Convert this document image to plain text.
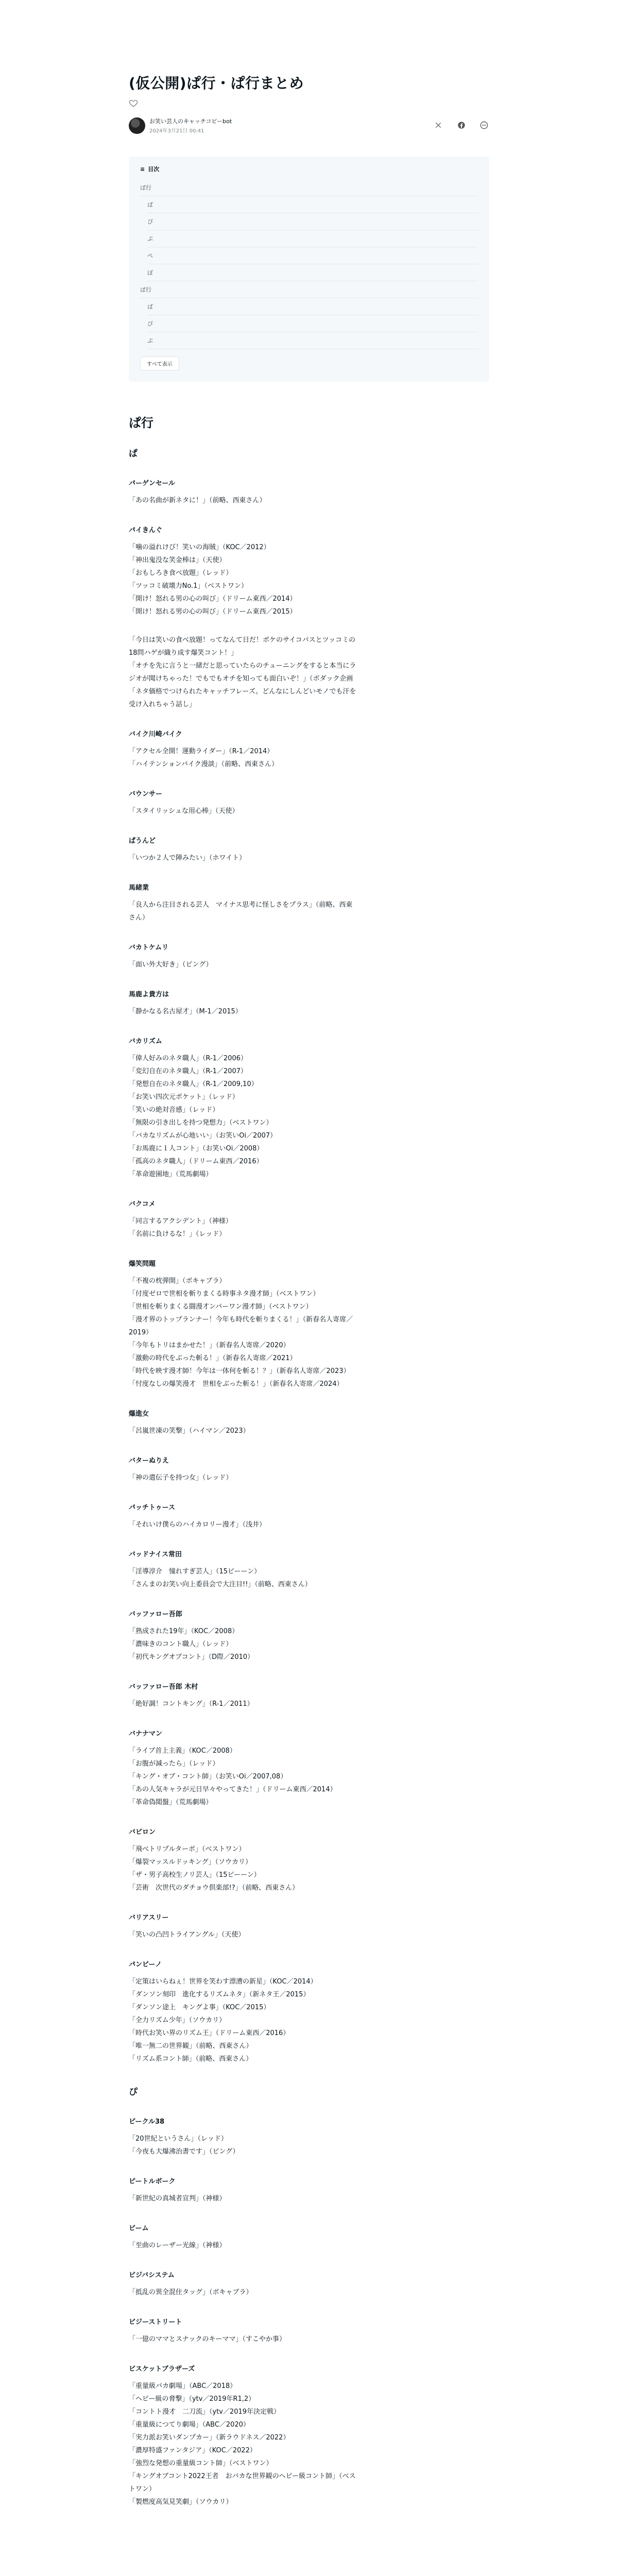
(仮公開)ぱ行・ぱ行まとめ
お笑い芸人のキャッチコピーbot
2024年3月21日 00:41
≡ 目次
ぱ行
ぱ
ぴ
ぷ
ぺ
ぽ
ぱ行
ぱ
ぴ
ぷ
すべて表示
ぱ行
ぱ
パーゲンセール

「あの名曲が新ネタに！」（前略、西東さん）

パイきんぐ

「噛の溢れけび！笑いの海賊」（KOC／2012）

「神出鬼没な笑金棒は」（天使）

「おもしろき食べ放題」（レッド）

「ツッコミ破壊力No.1」（ベストワン）

「開け！怒れる男の心の叫び」（ドリーム東西／2014）

「開け！怒れる男の心の叫び」（ドリーム東西／2015）

「今日は笑いの食べ放題！ってなんて日だ！ボケのサイコパスとツッコミの

18問ハゲが織り成す爆笑コント！」

「オチを先に言うと一緒だと思っていたらのチューニングをすると本当にラ

ジオが聞けちゃった！でもでもオチを知っても面白いぞ！」（ボダック企画

「ネタ価格でつけられたキャッチフレーズ。どんなにしんどいモノでも汗を

受け入れちゃう話し」

バイク川崎バイク

「アクセル全開！運動ライダー」（R-1／2014）

「ハイテンションバイク漫談」（前略、西東さん）

バウンサー

「スタイリッシュな用心棒」（天使）

ぱうんど

「いつか２人で陣みたい」（ホワイト）

馬緒業

「良人から注目される芸人　マイナス思考に怪しさをプラス」（前略、西東

さん）

バカトケムリ

「面い外大好き」（ピング）

馬鹿よ貴方は

「静かなる名古屋才」（M-1／2015）

バカリズム

「偉人好みのネタ職人」（R-1／2006）

「変幻自在のネタ職人」（R-1／2007）

「発想自在のネタ職人」（R-1／2009,10）

「お笑い四次元ポケット」（レッド）

「笑いの絶対音感」（レッド）

「無限の引き出しを持つ発想力」（ベストワン）

「バカなリズムが心地いい」（お笑いOi／2007）

「お馬鹿に１人コント」（お笑いOi／2008）

「孤高のネタ職人」（ドリーム東西／2016）

「革命遊園地」（荒馬劇場）

バクコメ

「同言するアクシデント」（神様）

「名前に負けるな！」（レッド）

爆笑問題

「不複の枕弾開」（ボキャブラ）

「付度ゼロで世相を斬りまくる時事ネタ漫才師」（ベストワン）

「世相を斬りまくる闘漫才ンバーワン漫才師」（ベストワン）

「漫才界のトップランナー！今年も時代を斬りまくる！」（新春名人寄席／

2019）

「今年もトリはまかせた！」（新春名人寄席／2020）

「激動の時代をぶった斬る！」（新春名人寄席／2021）

「時代を映す漫才師！今年は一体何を斬る！？」（新春名人寄席／2023）

「忖度なしの爆笑漫才　世相をぶった斬る！」（新春名人寄席／2024）

爆進女

「呂嵐世凍の笑撃」（ハイマン／2023）

バターぬりえ

「神の遣伝子を持つ女」（レッド）

パッチトゥース

「それいけ僕らのハイカロリー漫才」（浅井）

バッドナイス常田

「淫導淳介　憧れすぎ芸人」（15ビーーン）

「さんまのお笑い向上委員会で大注目!!」（前略、西東さん）

バッファロー吾郎

「熟成された19年」（KOC／2008）

「濃味きのコント職人」（レッド）

「初代キングオブコント」（D際／2010）

バッファロー吾郎 木村

「絶好調！コントキング」（R-1／2011）

バナナマン

「ライブ首上主義」（KOC／2008）

「お腹が減ったら」（レッド）

「キング・オブ・コント師」（お笑いOi／2007,08）

「あの人気キャラが元日早々やってきた！」（ドリーム東西／2014）

「革命偽閲盤」（荒馬劇場）

バビロン

「飛べトリプルターボ」（ベストワン）

「爆裂マッスルドッキング」（ソウカリ）

「ザ・男子高校生ノリ芸人」（15ビーーン）

「芸術　次世代のダチョウ倶楽部!?」（前略、西東さん）

バリアスリー

「笑いの凸凹トライアングル」（天使）

パンビーノ

「定策はいらねぇ！世界を笑わす漂漕の新星」（KOC／2014）

「ダンソン刻印　進化するリズムネタ」（新ネタ王／2015）

「ダンソン途上　キングよ事」（KOC／2015）

「全力リズム少年」（ソウカリ）

「時代お笑い界のリズム王」（ドリーム東西／2016）

「唯一無二の世界観」（前略、西東さん）

「リズム系コント師」（前略、西東さん）

ぴ
ピークル38

「20世紀というさん」（レッド）

「今夜も大爆沸治書です」（ピング）

ピートルボーク

「新世紀の真城者宣判」（神様）

ビーム

「至曲のレーザー光線」（神様）

ビジバシステム

「抵乱の異全混住タッグ」（ボキャブラ）

ビジーストリート

「一億のママとスナックのキーママ」（すこやか事）

ビスケットブラザーズ

「重量級バカ劇場」（ABC／2018）

「ヘビー級の脅撃」（ytv／2019年R1,2）

「コントト漫才　二刀流」（ytv／2019年決定戦）

「重量級につてり劇場」（ABC／2020）

「実力派お笑いダンプカー」（新ラウドネス／2022）

「濃厚特盛ファンタジア」（KOC／2022）

「強烈な発想の重量級コント師」（ベストワン）

「キングオブコント2022王者　おバカな世界観のヘビー級コント師」（ベス

トワン）

「製燃度高気見笑劇」（ソウカリ）
